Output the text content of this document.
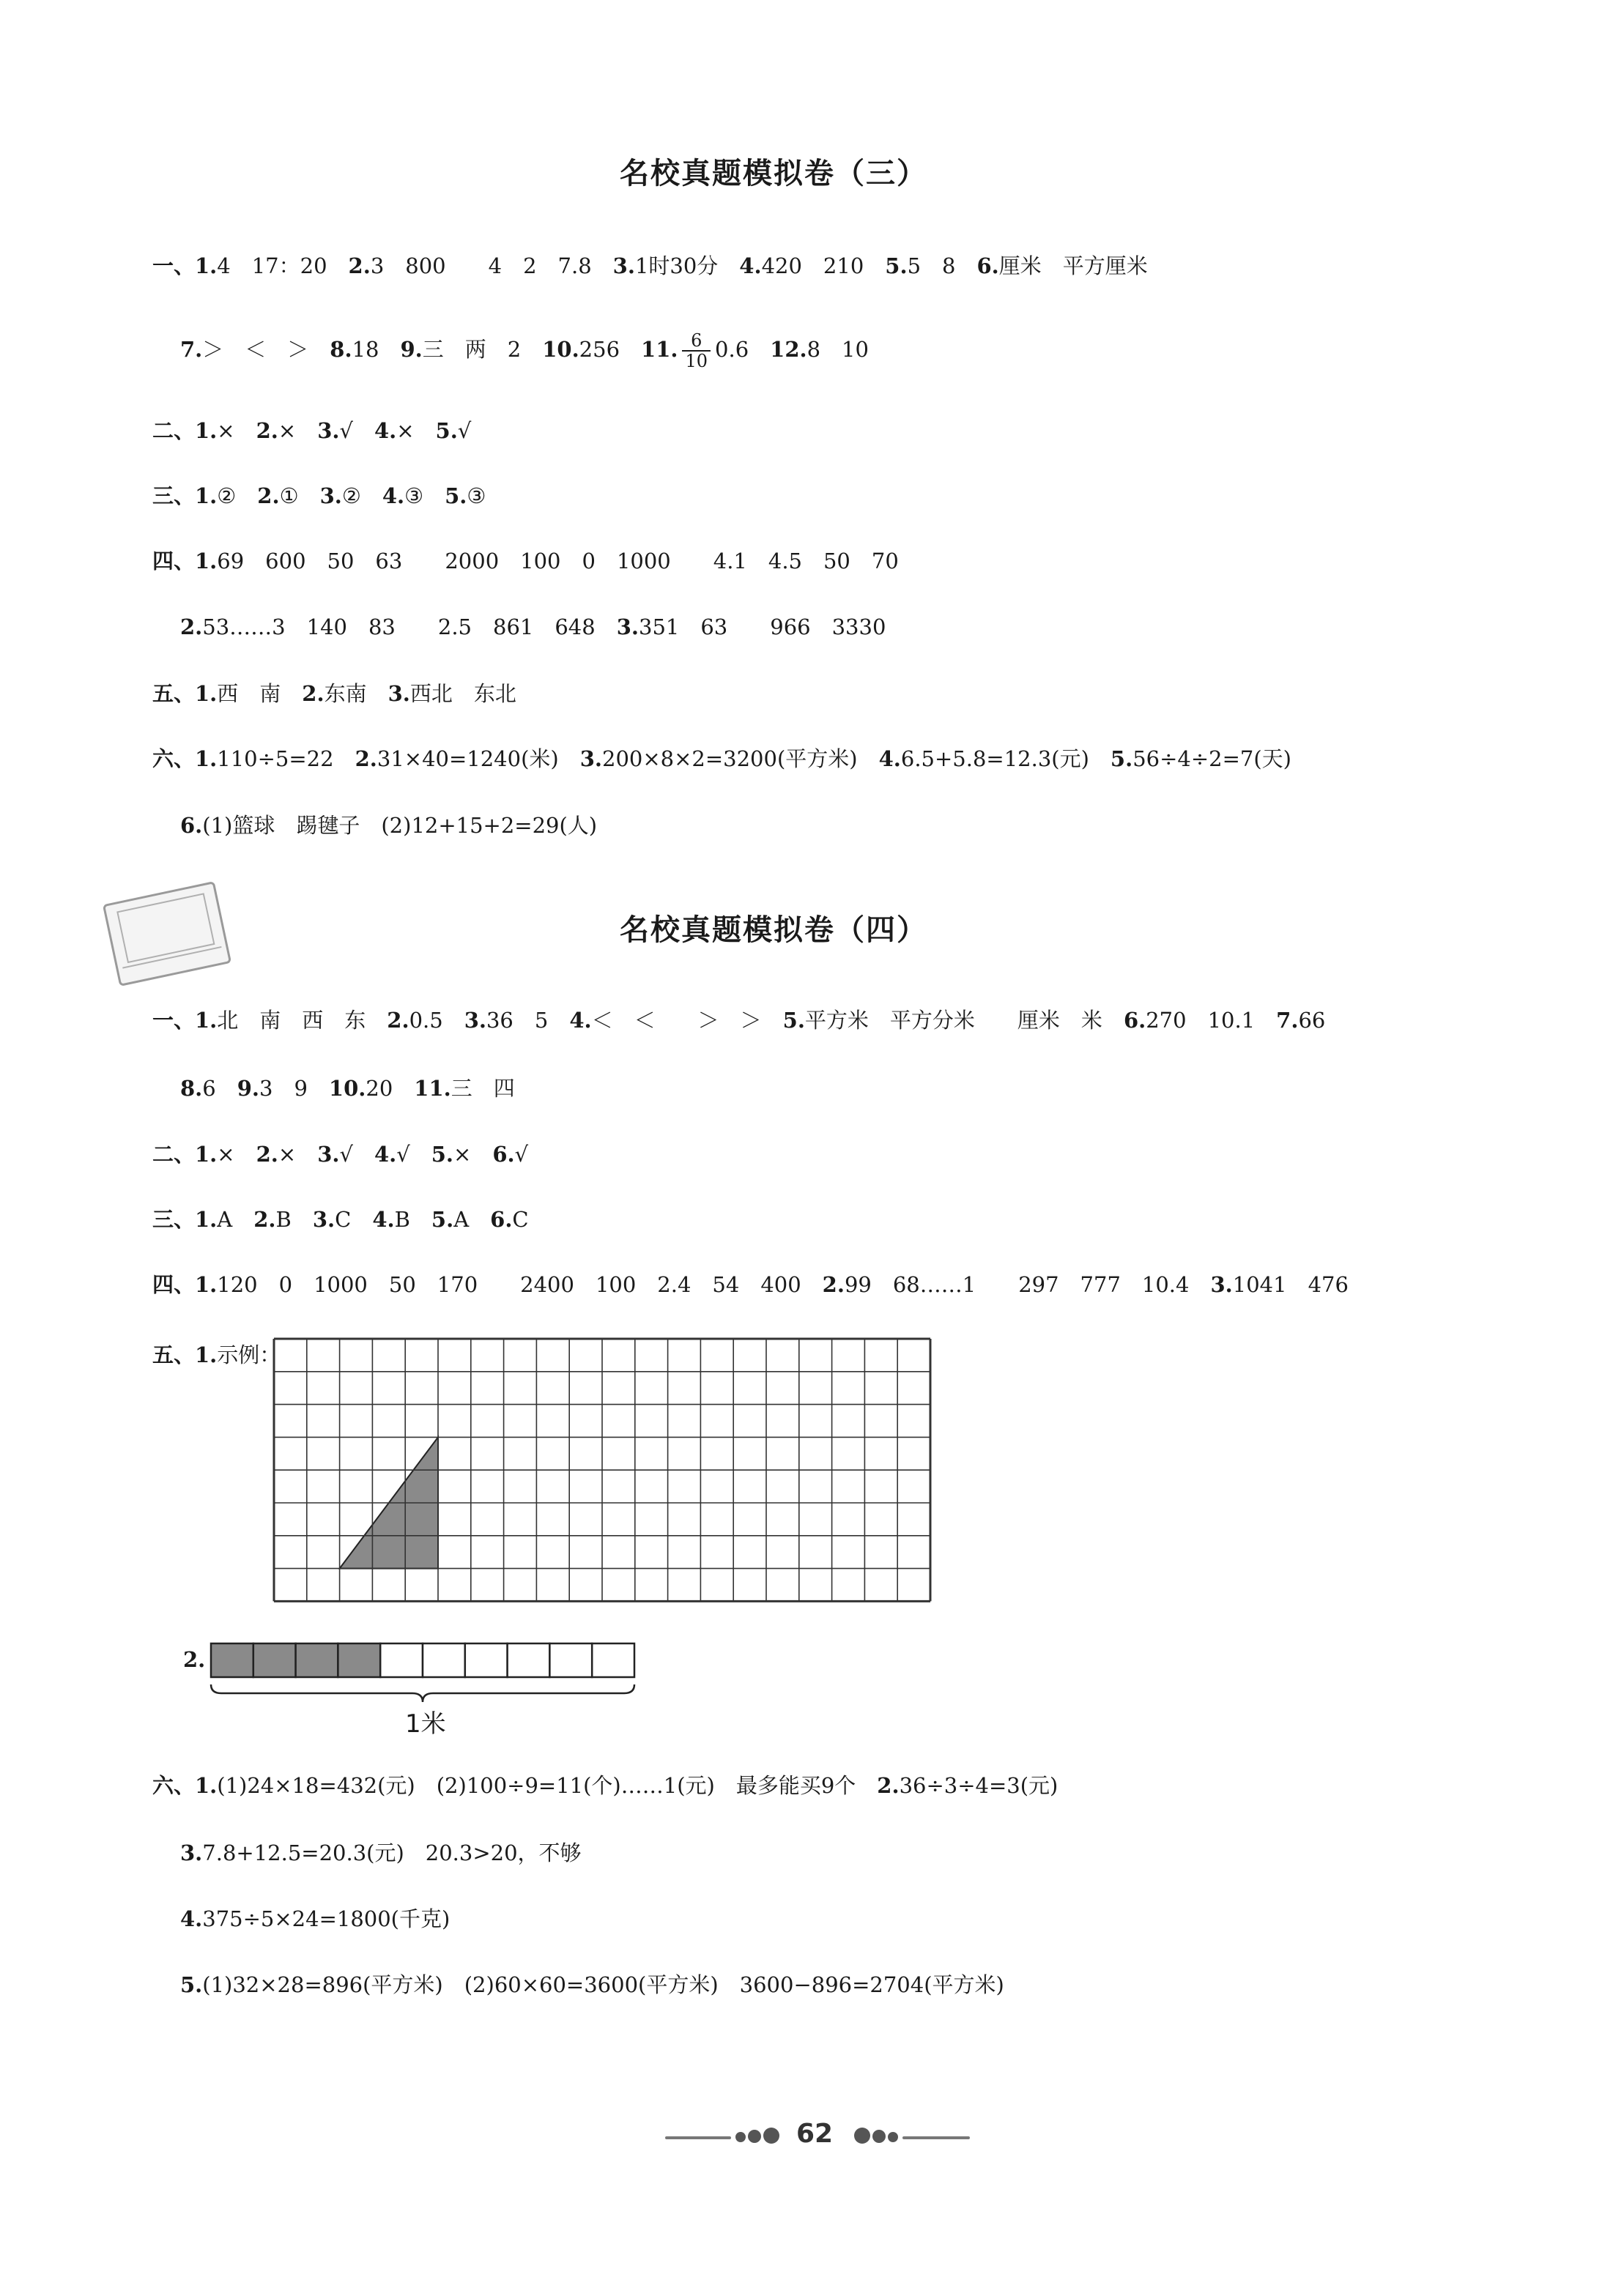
名校真题模拟卷（三）
一、1.4　17：20　2.3　800　　4　2　7.8　3.1时30分　4.420　210　5.5　8　6.厘米　平方厘米
7.＞　＜　＞　8.18　9.三　两　2　10.256　11. $\frac{6}{10} 0.6$　12.8　10
二、1.×　2.×　3.√　4.×　5.√
三、1.②　2.①　3.②　4.③　5.③
四、1.69　600　50　63　　2000　100　0　1000　　4.1　4.5　50　70
2.53……3　140　83　　2.5　861　648　3.351　63　　966　3330
五、1.西　南　2.东南　3.西北　东北
六、1.110÷5=22　2.31×40=1240(米)　3.200×8×2=3200(平方米)　4.6.5+5.8=12.3(元)　5.56÷4÷2=7(天)
6.(1)篮球　踢毽子　(2)12+15+2=29(人)
名校真题模拟卷（四）
一、1.北　南　西　东　2.0.5　3.36　5　4.＜　＜　　＞　＞　5.平方米　平方分米　　厘米　米　6.270　10.1　7.66
8.6　9.3　9　10.20　11.三　四
二、1.×　2.×　3.√　4.√　5.×　6.√
三、1.A　2.B　3.C　4.B　5.A　6.C
四、1.120　0　1000　50　170　　2400　100　2.4　54　400　2.99　68……1　　297　777　10.4　3.1041　476
五、1.示例：
2.
1米
六、1.(1)24×18=432(元)　(2)100÷9=11(个)……1(元)　最多能买9个　2.36÷3÷4=3(元)
3.7.8+12.5=20.3(元)　20.3>20，不够
4.375÷5×24=1800(千克)
5.(1)32×28=896(平方米)　(2)60×60=3600(平方米)　3600−896=2704(平方米)
62
